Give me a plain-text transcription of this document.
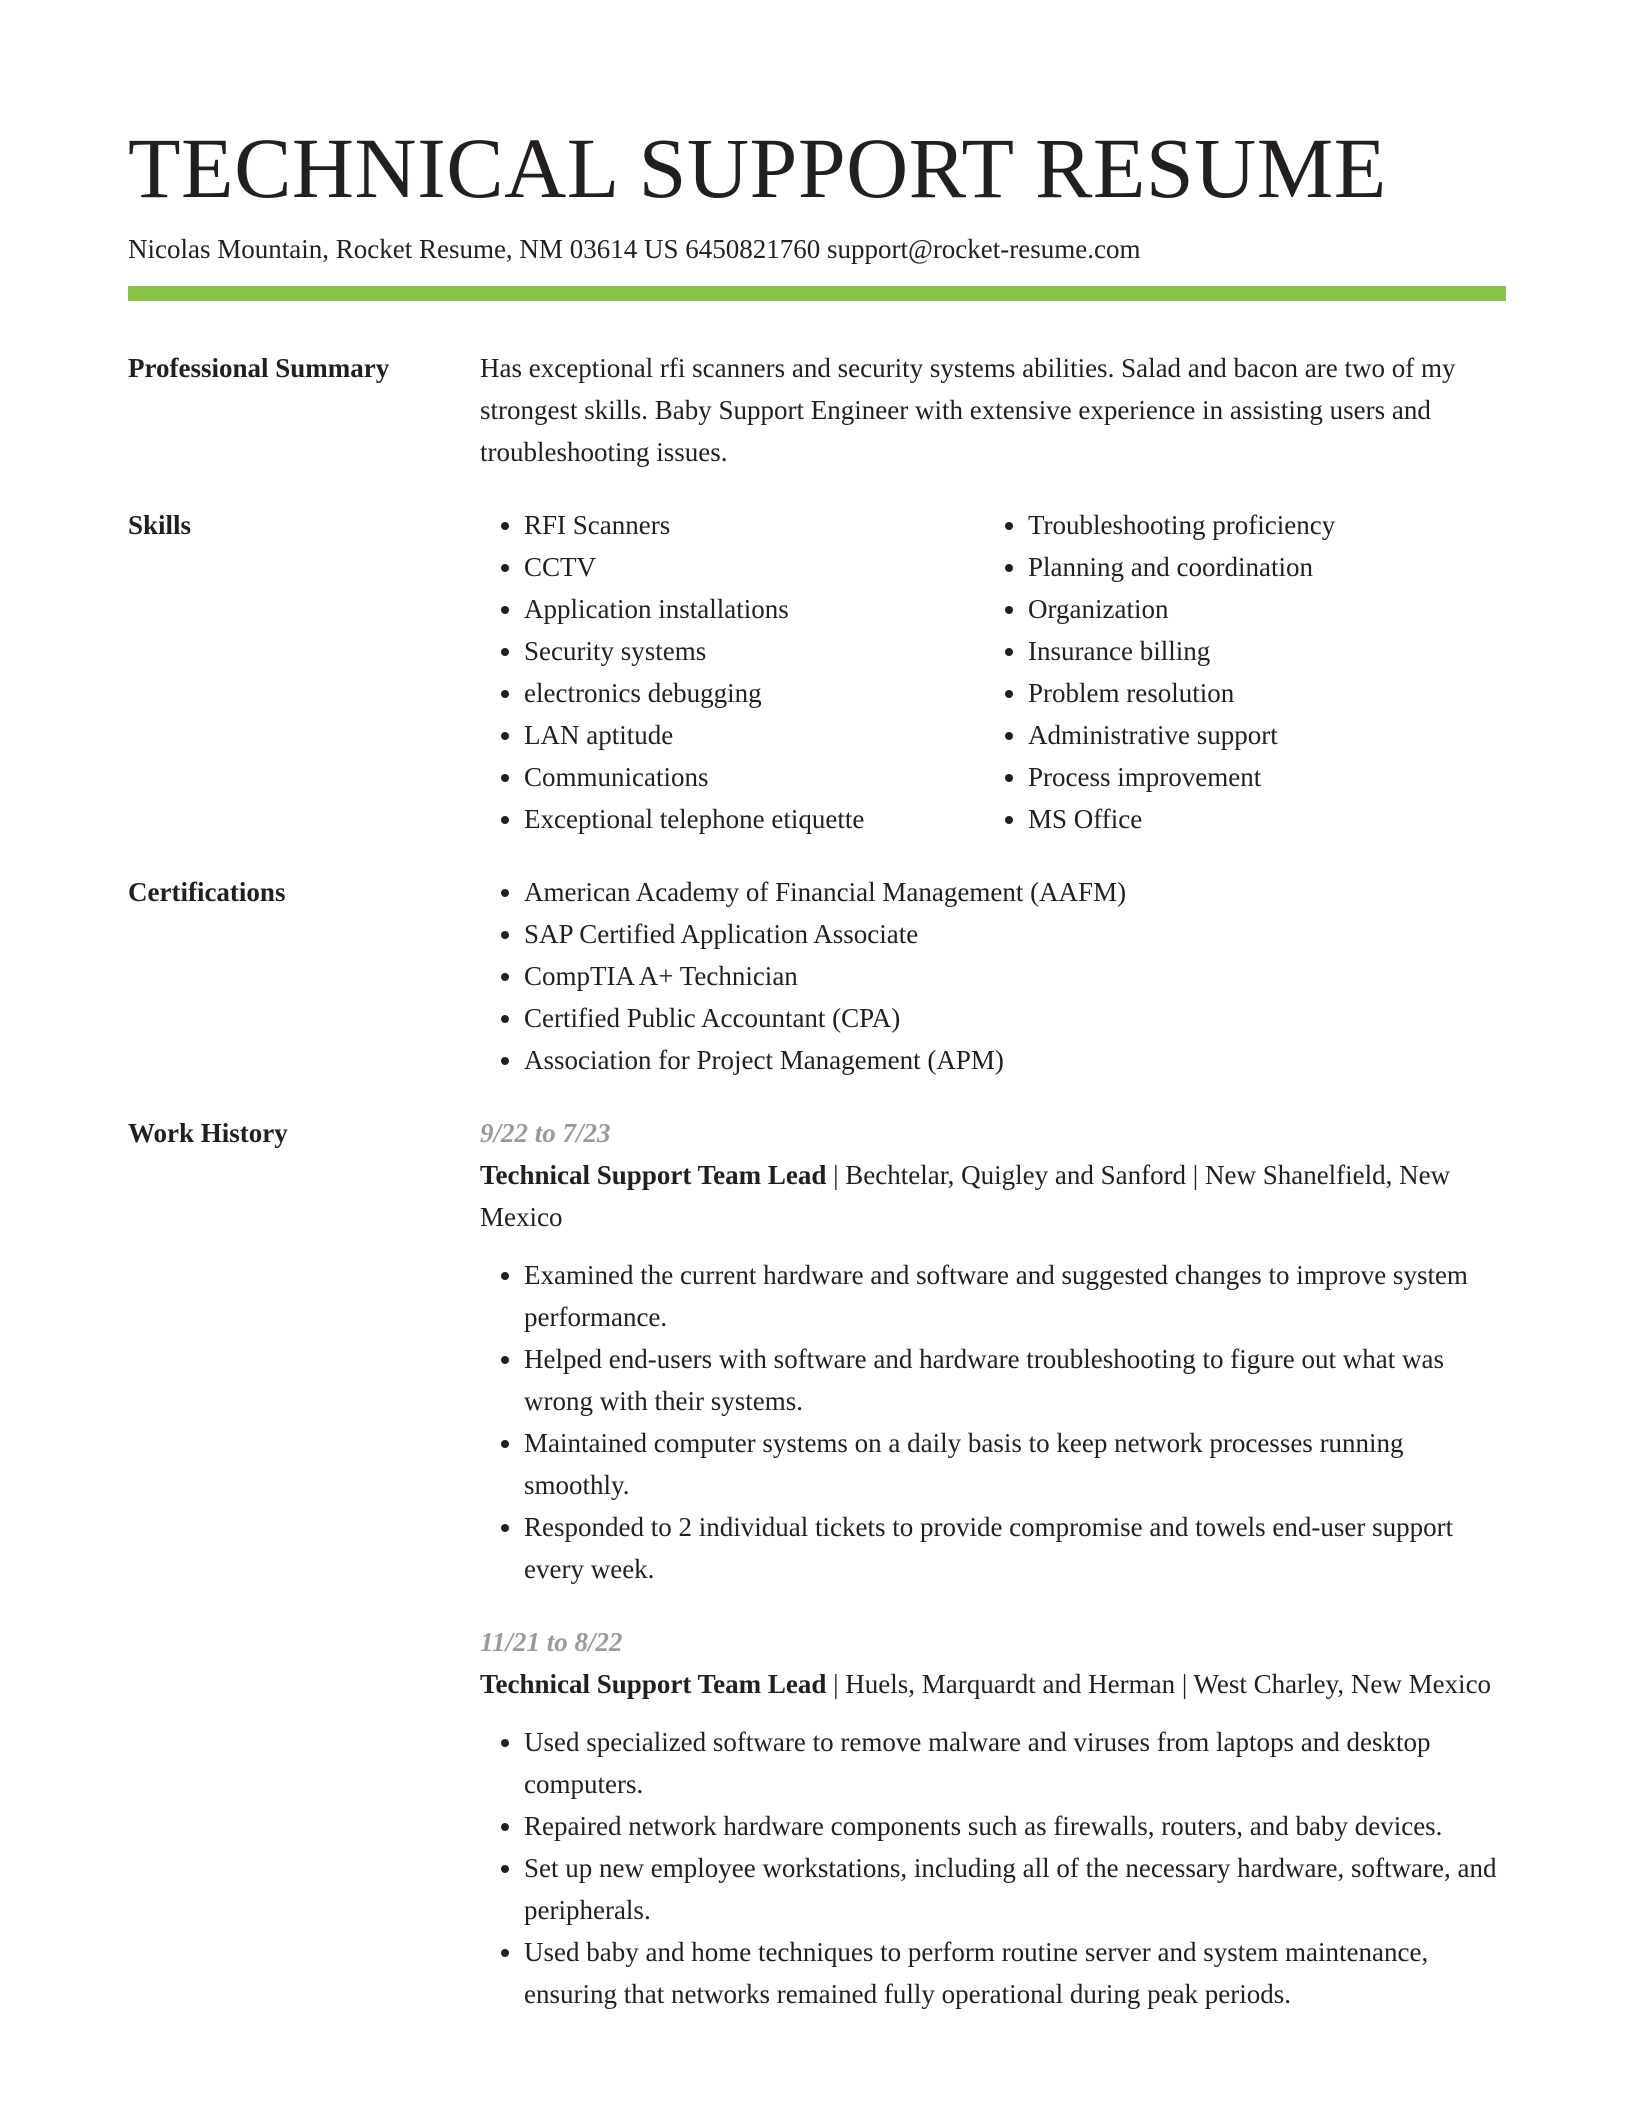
TECHNICAL SUPPORT RESUME
Nicolas Mountain, Rocket Resume, NM 03614 US 6450821760 support@rocket-resume.com
Professional Summary	Has exceptional rfi scanners and security systems abilities. Salad and bacon are two of my strongest skills. Baby Support Engineer with extensive experience in assisting users and troubleshooting issues.

Skills	• RFI Scanners
• CCTV
• Application installations
• Security systems
• electronics debugging
• LAN aptitude
• Communications
• Exceptional telephone etiquette
• Troubleshooting proficiency
• Planning and coordination
• Organization
• Insurance billing
• Problem resolution
• Administrative support
• Process improvement
• MS Office
Certifications	• American Academy of Financial Management (AAFM)
• SAP Certified Application Associate
• CompTIA A+ Technician
• Certified Public Accountant (CPA)
• Association for Project Management (APM)
Work History	9/22 to 7/23

Technical Support Team Lead | Bechtelar, Quigley and Sanford | New Shanelfield, New Mexico

• Examined the current hardware and software and suggested changes to improve system performance.
• Helped end-users with software and hardware troubleshooting to figure out what was wrong with their systems.
• Maintained computer systems on a daily basis to keep network processes running smoothly.
• Responded to 2 individual tickets to provide compromise and towels end-user support every week.
11/21 to 8/22

Technical Support Team Lead | Huels, Marquardt and Herman | West Charley, New Mexico

• Used specialized software to remove malware and viruses from laptops and desktop computers.
• Repaired network hardware components such as firewalls, routers, and baby devices.
• Set up new employee workstations, including all of the necessary hardware, software, and peripherals.
• Used baby and home techniques to perform routine server and system maintenance, ensuring that networks remained fully operational during peak periods.
